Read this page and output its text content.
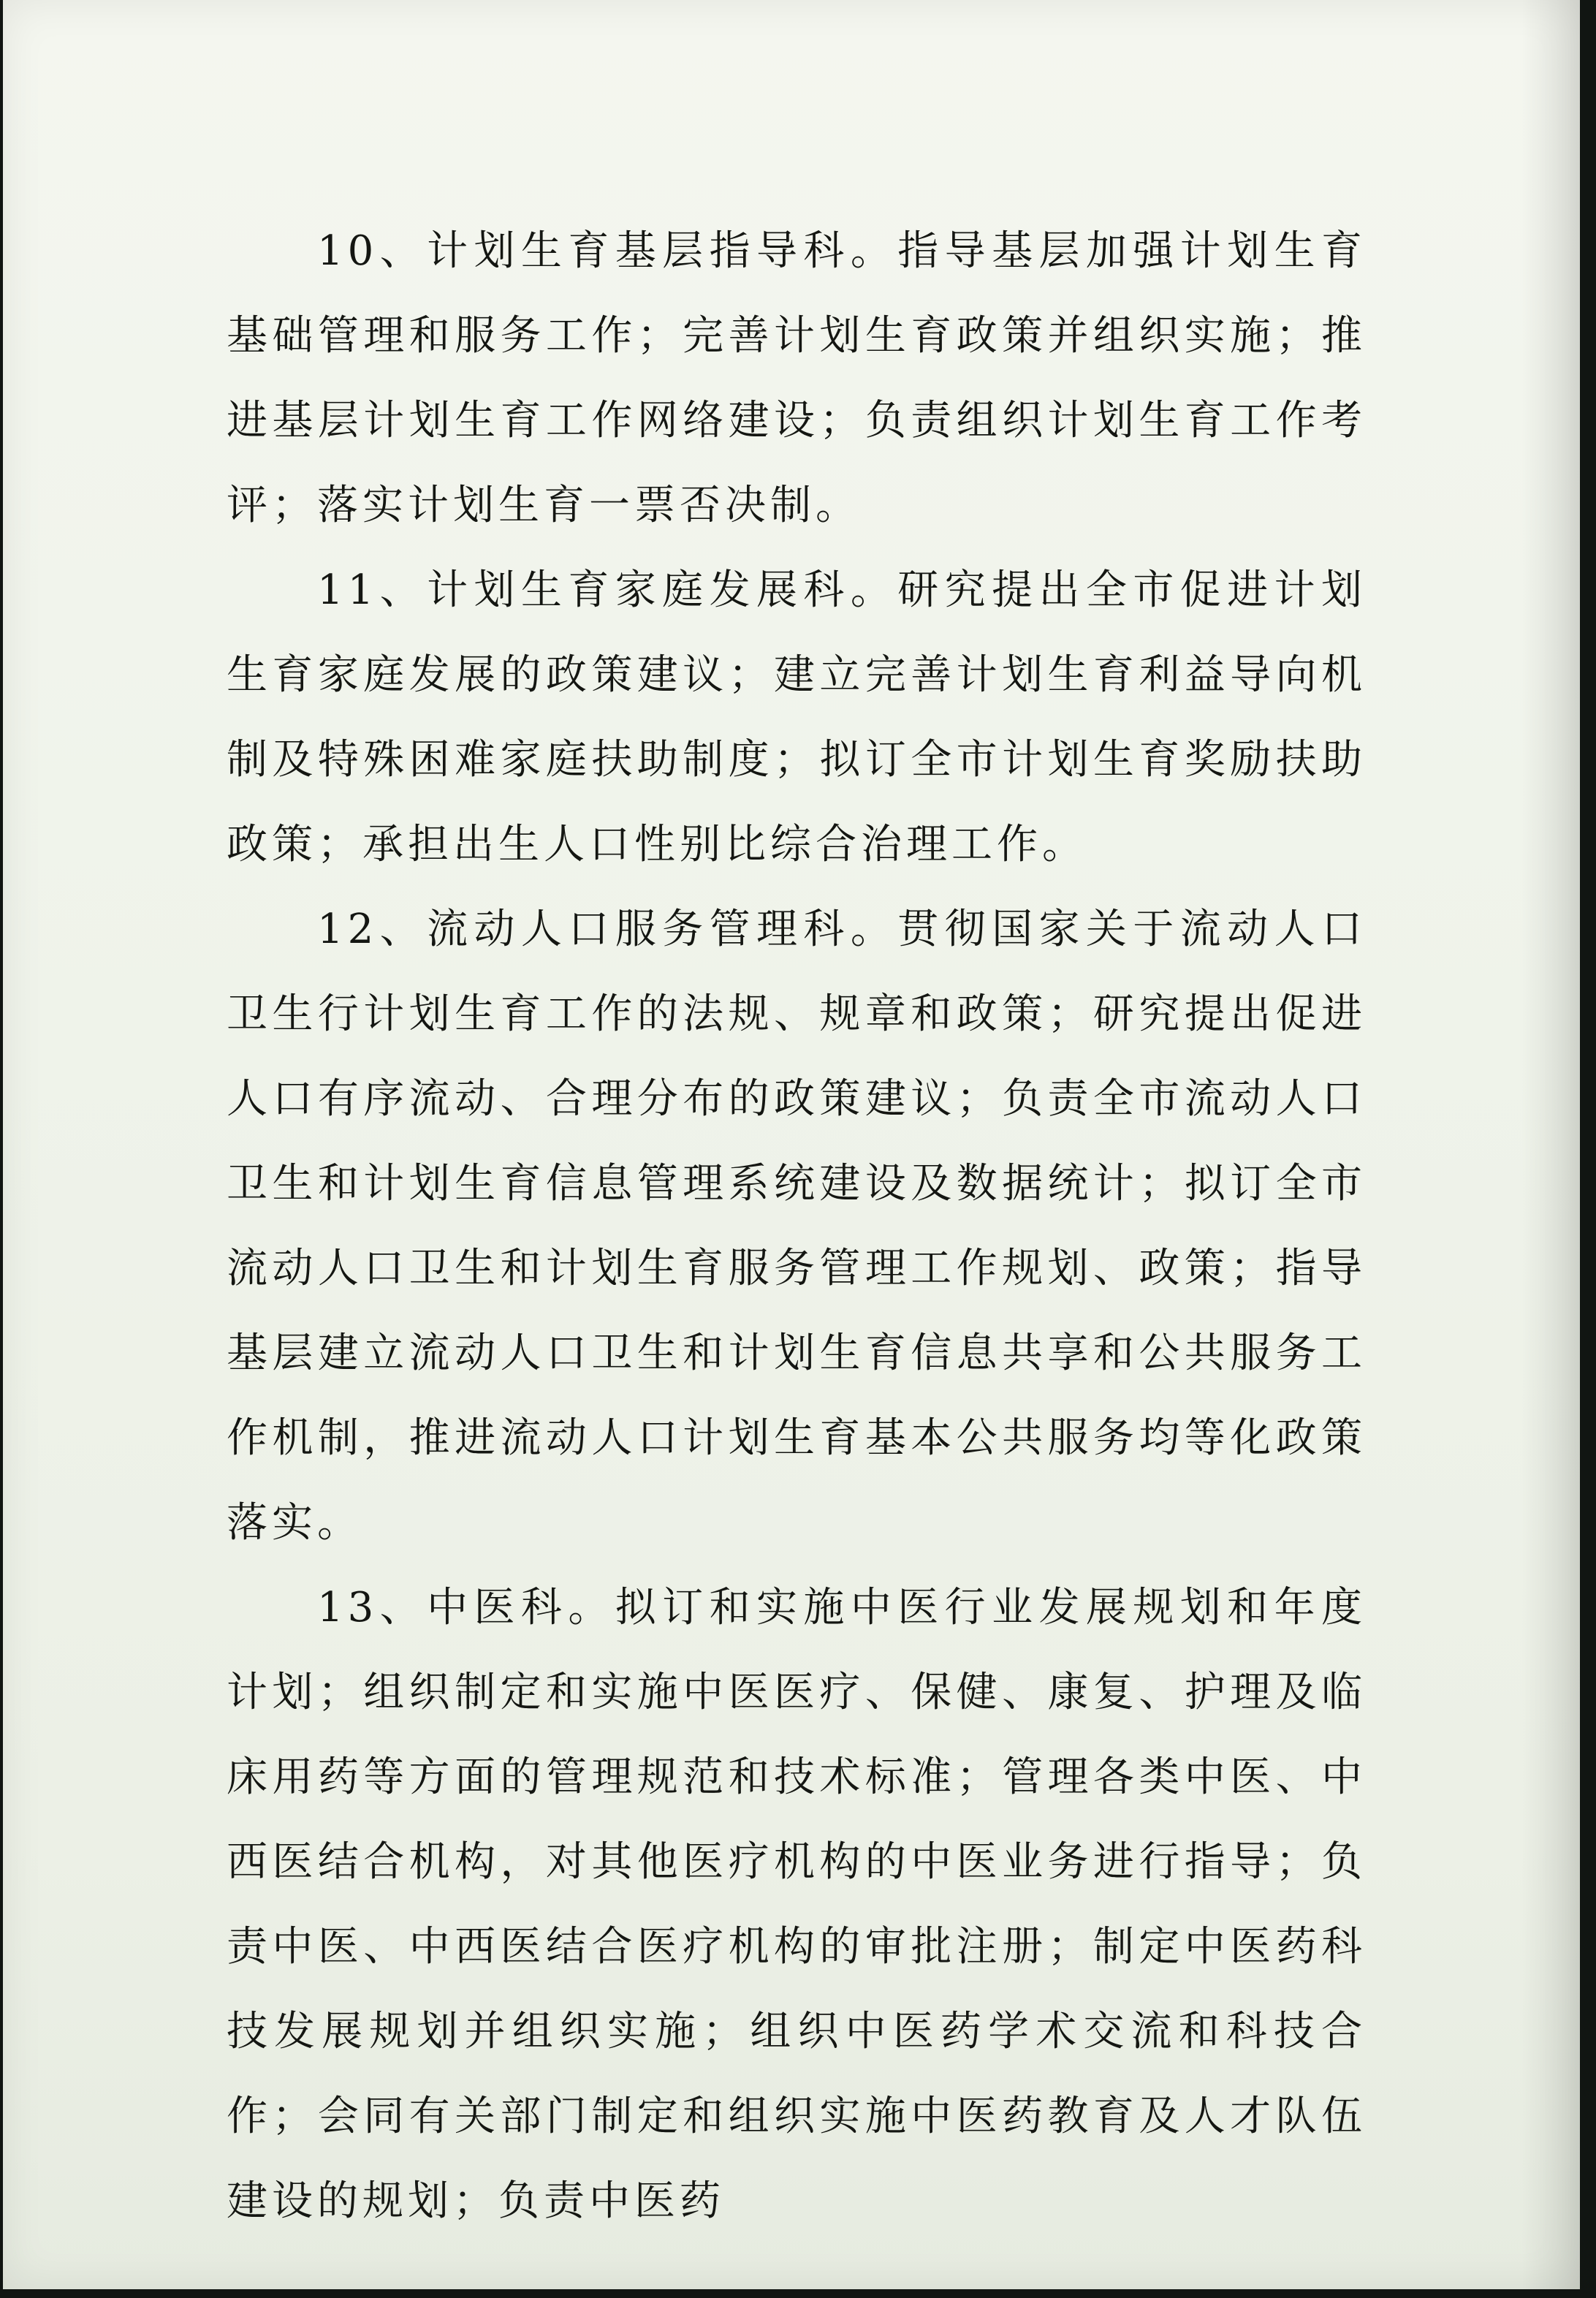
10、计划生育基层指导科。指导基层加强计划生育基础管理和服务工作；完善计划生育政策并组织实施；推进基层计划生育工作网络建设；负责组织计划生育工作考评；落实计划生育一票否决制。

11、计划生育家庭发展科。研究提出全市促进计划生育家庭发展的政策建议；建立完善计划生育利益导向机制及特殊困难家庭扶助制度；拟订全市计划生育奖励扶助政策；承担出生人口性别比综合治理工作。

12、流动人口服务管理科。贯彻国家关于流动人口卫生行计划生育工作的法规、规章和政策；研究提出促进人口有序流动、合理分布的政策建议；负责全市流动人口卫生和计划生育信息管理系统建设及数据统计；拟订全市流动人口卫生和计划生育服务管理工作规划、政策；指导基层建立流动人口卫生和计划生育信息共享和公共服务工作机制，推进流动人口计划生育基本公共服务均等化政策落实。

13、中医科。拟订和实施中医行业发展规划和年度计划；组织制定和实施中医医疗、保健、康复、护理及临床用药等方面的管理规范和技术标准；管理各类中医、中西医结合机构，对其他医疗机构的中医业务进行指导；负责中医、中西医结合医疗机构的审批注册；制定中医药科技发展规划并组织实施；组织中医药学术交流和科技合作；会同有关部门制定和组织实施中医药教育及人才队伍建设的规划；负责中医药
